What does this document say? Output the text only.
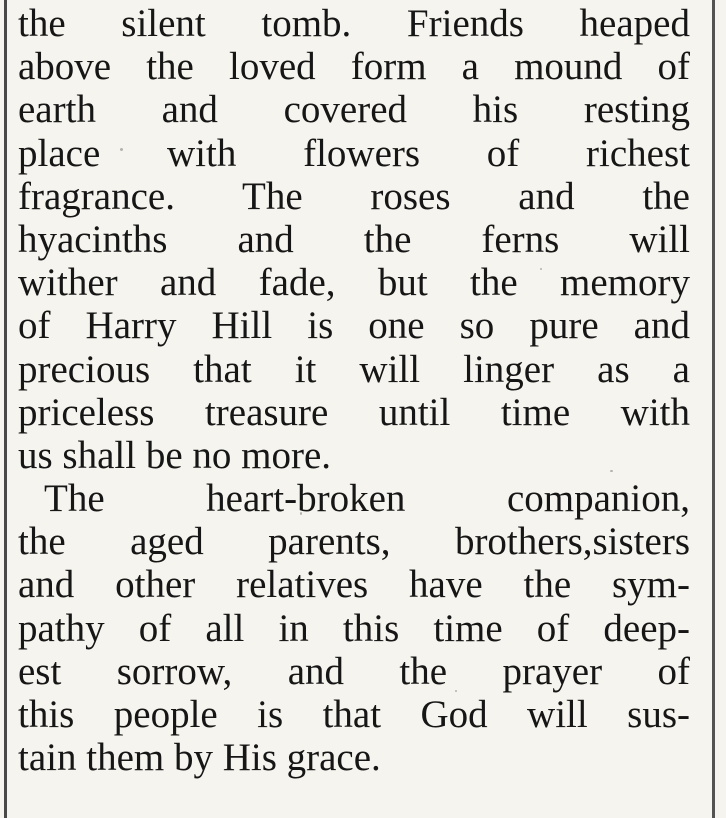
the silent tomb. Friends heaped
above the loved form a mound of
earth and covered his resting
place with flowers of richest
fragrance. The roses and the
hyacinths and the ferns will
wither and fade, but the memory
of Harry Hill is one so pure and
precious that it will linger as a
priceless treasure until time with
us shall be no more.
The heart-broken companion,
the aged parents, brothers,sisters
and other relatives have the sym-
pathy of all in this time of deep-
est sorrow, and the prayer of
this people is that God will sus-
tain them by His grace.
